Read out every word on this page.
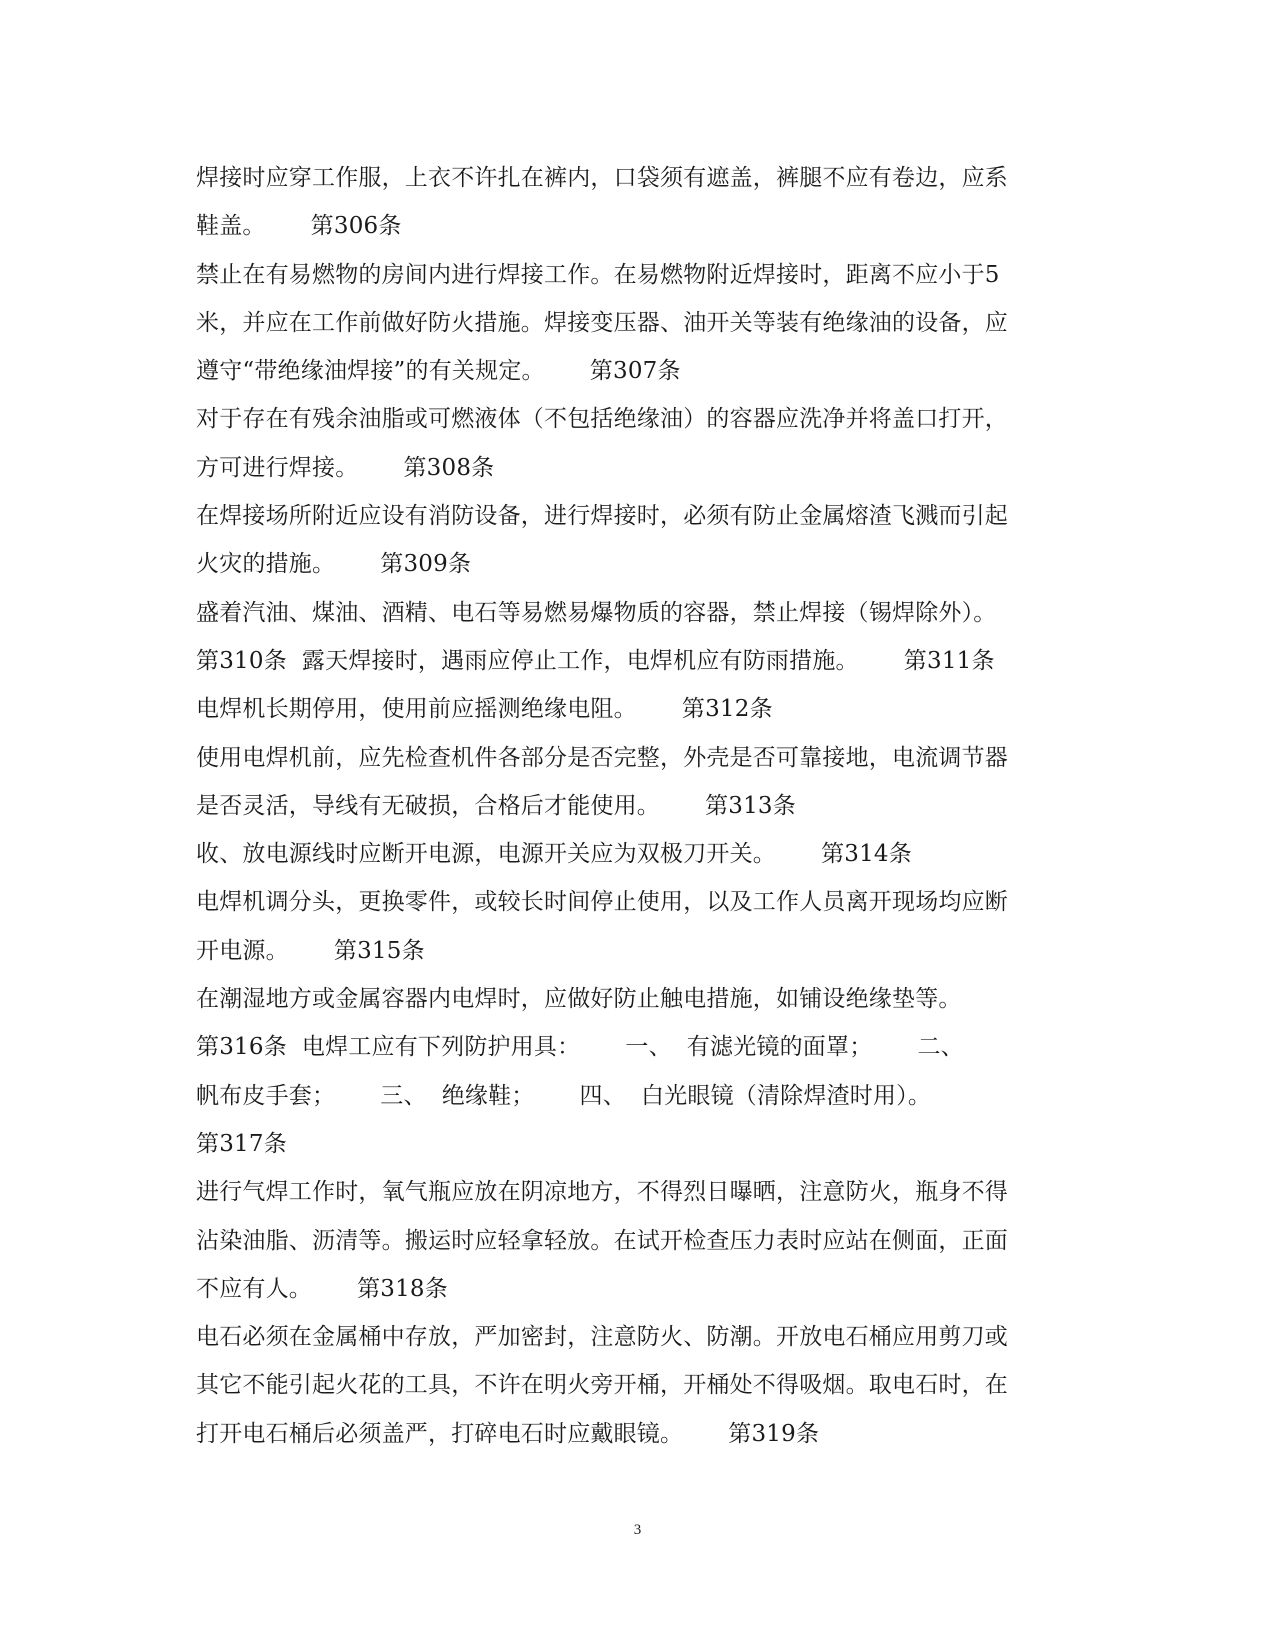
焊接时应穿工作服，上衣不许扎在裤内，口袋须有遮盖，裤腿不应有卷边，应系
鞋盖。      第306条
禁止在有易燃物的房间内进行焊接工作。在易燃物附近焊接时，距离不应小于5
米，并应在工作前做好防火措施。焊接变压器、油开关等装有绝缘油的设备，应
遵守“带绝缘油焊接”的有关规定。      第307条
对于存在有残余油脂或可燃液体（不包括绝缘油）的容器应洗净并将盖口打开，
方可进行焊接。      第308条
在焊接场所附近应设有消防设备，进行焊接时，必须有防止金属熔渣飞溅而引起
火灾的措施。      第309条
盛着汽油、煤油、酒精、电石等易燃易爆物质的容器，禁止焊接（锡焊除外）。
第310条  露天焊接时，遇雨应停止工作，电焊机应有防雨措施。      第311条
电焊机长期停用，使用前应摇测绝缘电阻。      第312条
使用电焊机前，应先检查机件各部分是否完整，外壳是否可靠接地，电流调节器
是否灵活，导线有无破损，合格后才能使用。      第313条
收、放电源线时应断开电源，电源开关应为双极刀开关。      第314条
电焊机调分头，更换零件，或较长时间停止使用，以及工作人员离开现场均应断
开电源。      第315条
在潮湿地方或金属容器内电焊时，应做好防止触电措施，如铺设绝缘垫等。
第316条  电焊工应有下列防护用具：      一、  有滤光镜的面罩；      二、
帆布皮手套；      三、  绝缘鞋；      四、  白光眼镜（清除焊渣时用）。
第317条
进行气焊工作时，氧气瓶应放在阴凉地方，不得烈日曝晒，注意防火，瓶身不得
沾染油脂、沥清等。搬运时应轻拿轻放。在试开检查压力表时应站在侧面，正面
不应有人。      第318条
电石必须在金属桶中存放，严加密封，注意防火、防潮。开放电石桶应用剪刀或
其它不能引起火花的工具，不许在明火旁开桶，开桶处不得吸烟。取电石时，在
打开电石桶后必须盖严，打碎电石时应戴眼镜。      第319条
3
